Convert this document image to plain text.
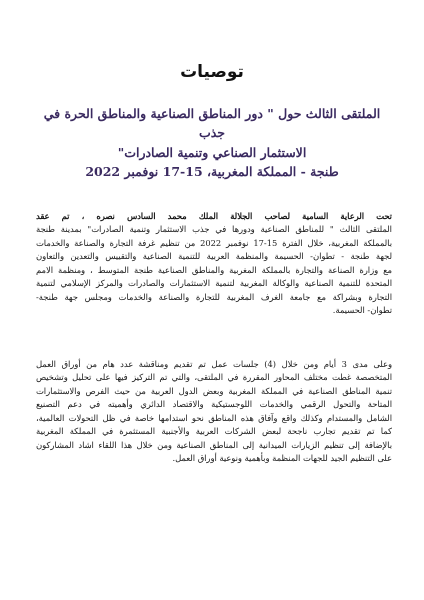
توصيات
الملتقى الثالث حول " دور المناطق الصناعية والمناطق الحرة في جذب
الاستثمار الصناعي وتنمية الصادرات"
طنجة - المملكة المغربية، 15-17 نوفمبر 2022
تحت الرعاية السامية لصاحب الجلالة الملك محمد السادس نصره ، تم عقد
الملتقى الثالث " للمناطق الصناعية ودورها في جذب الاستثمار وتنمية الصادرات" بمدينة طنجة
بالمملكة المغربية، خلال الفترة 15-17 نوفمبر 2022 من تنظيم غرفة التجارة والصناعة والخدمات
لجهة طنجة - تطوان- الحسيمة والمنظمة العربية للتنمية الصناعية والتقييس والتعدين والتعاون
مع وزارة الصناعة والتجارة بالمملكة المغربية والمناطق الصناعية طنجة المتوسط ، ومنظمة الامم
المتحدة للتنمية الصناعية والوكالة المغربية لتنمية الاستثمارات والصادرات والمركز الإسلامي لتنمية
التجارة وبشراكة مع جامعة الغرف المغربية للتجارة والصناعة والخدمات ومجلس جهة طنجة-
تطوان- الحسيمة.
وعلى مدى 3 أيام ومن خلال (4) جلسات عمل تم تقديم ومناقشة عدد هام من أوراق العمل
المتخصصة غطت مختلف المحاور المقررة في الملتقى، والتي تم التركيز فيها على تحليل وتشخيص
تنمية المناطق الصناعية في المملكة المغربية وبعض الدول العربية من حيث الفرص والاستثمارات
المتاحة والتحول الرقمي والخدمات اللوجستيكية والاقتصاد الدائري وأهميته في دعم التصنيع
الشامل والمستدام وكذلك واقع وآفاق هذه المناطق نحو استدامها خاصة في ظل التحولات العالمية،
كما تم تقديم تجارب ناجحة لبعض الشركات العربية والأجنبية المستثمرة في المملكة المغربية
بالإضافة إلى تنظيم الزيارات الميدانية إلى المناطق الصناعية ومن خلال هذا اللقاء اشاد المشاركون
على التنظيم الجيد للجهات المنظمة وبأهمية ونوعية أوراق العمل.
